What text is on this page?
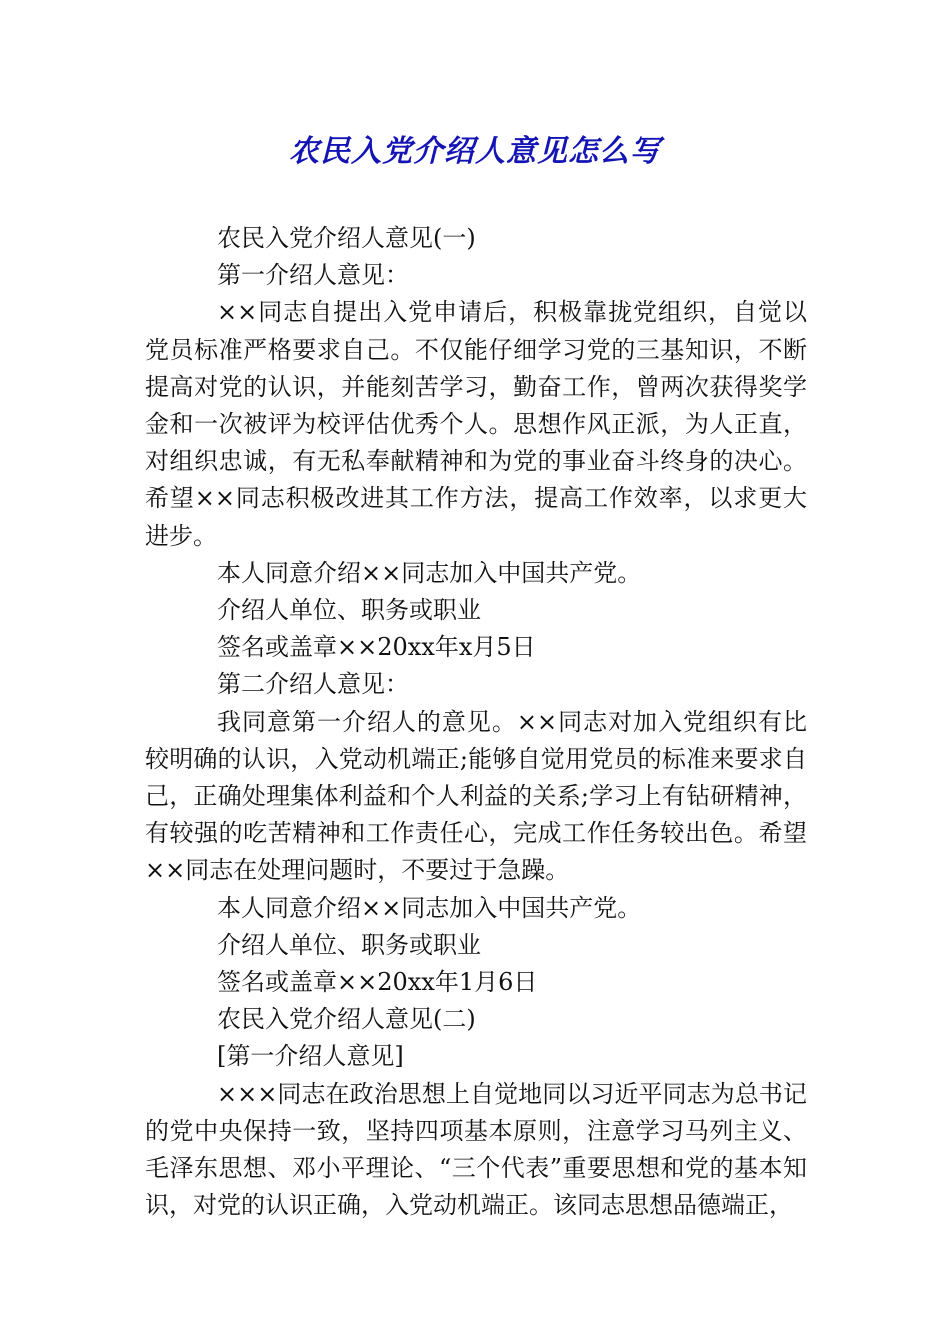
农民入党介绍人意见怎么写

农民入党介绍人意见(一)

第一介绍人意见：

××同志自提出入党申请后，积极靠拢党组织，自觉以党员标准严格要求自己。不仅能仔细学习党的三基知识，不断提高对党的认识，并能刻苦学习，勤奋工作，曾两次获得奖学金和一次被评为校评估优秀个人。思想作风正派，为人正直，对组织忠诚，有无私奉献精神和为党的事业奋斗终身的决心。希望××同志积极改进其工作方法，提高工作效率，以求更大进步。

本人同意介绍××同志加入中国共产党。

介绍人单位、职务或职业

签名或盖章××20xx年x月5日

第二介绍人意见：

我同意第一介绍人的意见。××同志对加入党组织有比较明确的认识，入党动机端正;能够自觉用党员的标准来要求自己，正确处理集体利益和个人利益的关系;学习上有钻研精神，有较强的吃苦精神和工作责任心，完成工作任务较出色。希望××同志在处理问题时，不要过于急躁。

本人同意介绍××同志加入中国共产党。

介绍人单位、职务或职业

签名或盖章××20xx年1月6日

农民入党介绍人意见(二)

[第一介绍人意见]

×××同志在政治思想上自觉地同以习近平同志为总书记的党中央保持一致，坚持四项基本原则，注意学习马列主义、毛泽东思想、邓小平理论、“三个代表”重要思想和党的基本知识，对党的认识正确，入党动机端正。该同志思想品德端正，
